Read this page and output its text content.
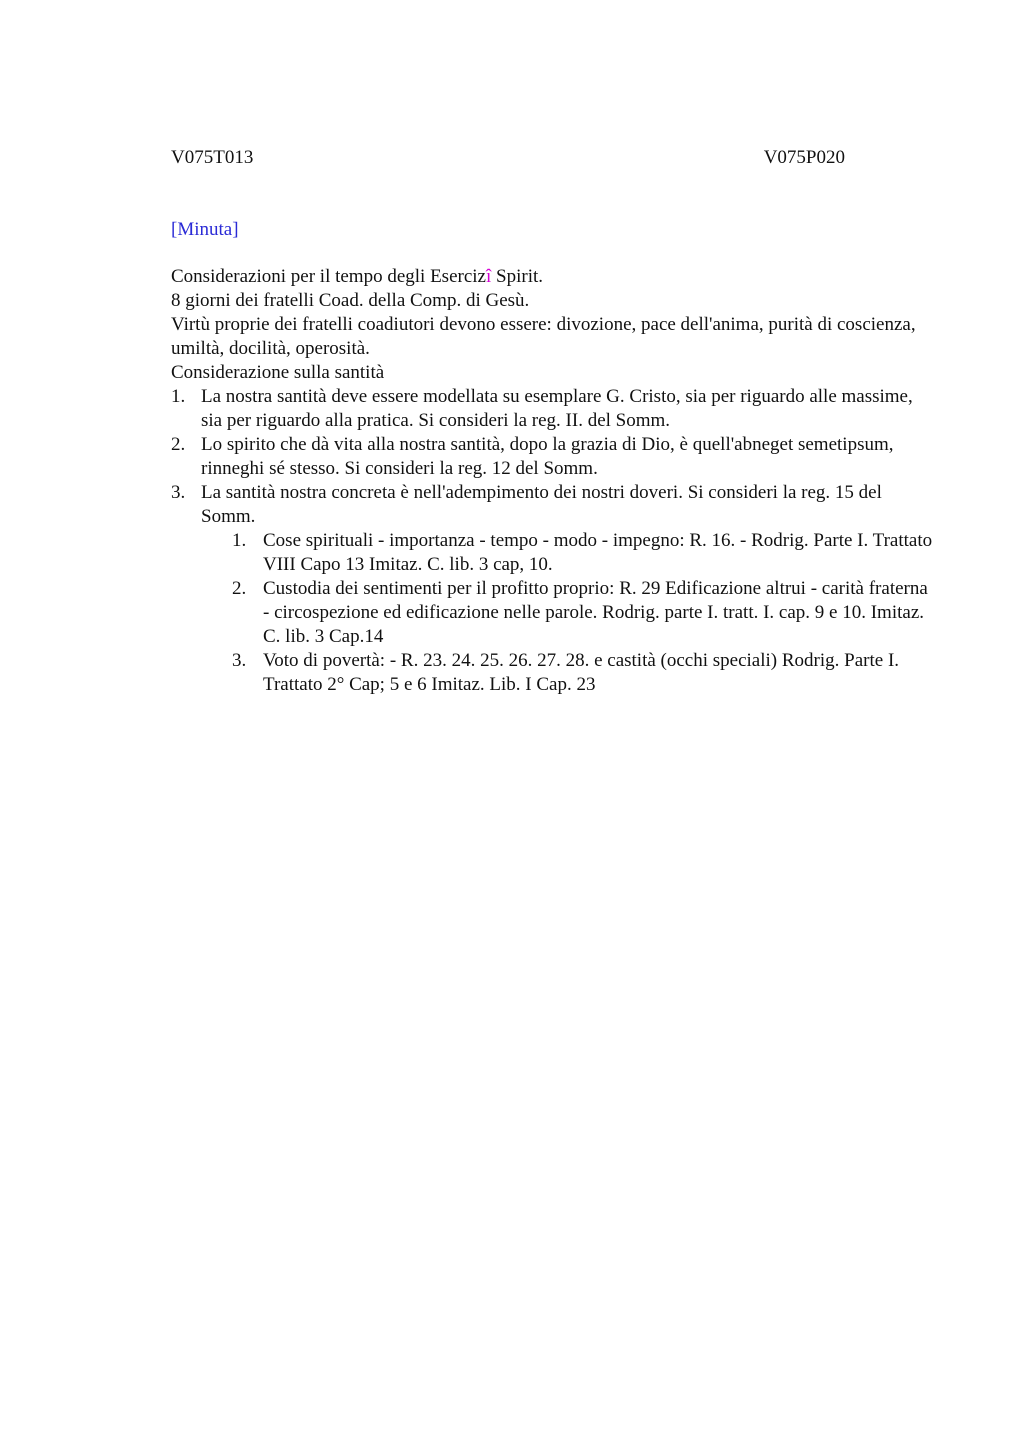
V075T013	V075P020
[Minuta]
Considerazioni per il tempo degli Esercizî Spirit.
8 giorni dei fratelli Coad. della Comp. di Gesù.
Virtù proprie dei fratelli coadiutori devono essere: divozione, pace dell'anima, purità di coscienza, umiltà, docilità, operosità.
Considerazione sulla santità
1. La nostra santità deve essere modellata su esemplare G. Cristo, sia per riguardo alle massime, sia per riguardo alla pratica. Si consideri la reg. II. del Somm.
2. Lo spirito che dà vita alla nostra santità, dopo la grazia di Dio, è quell'abneget semetipsum, rinneghi sé stesso. Si consideri la reg. 12 del Somm.
3. La santità nostra concreta è nell'adempimento dei nostri doveri. Si consideri la reg. 15 del Somm.
1. Cose spirituali - importanza - tempo - modo - impegno: R. 16. - Rodrig. Parte I. Trattato VIII Capo 13 Imitaz. C. lib. 3 cap, 10.
2. Custodia dei sentimenti per il profitto proprio: R. 29 Edificazione altrui - carità fraterna - circospezione ed edificazione nelle parole. Rodrig. parte I. tratt. I. cap. 9 e 10. Imitaz. C. lib. 3 Cap.14
3. Voto di povertà: - R. 23. 24. 25. 26. 27. 28. e castità (occhi speciali) Rodrig. Parte I. Trattato 2° Cap; 5 e 6 Imitaz. Lib. I Cap. 23
